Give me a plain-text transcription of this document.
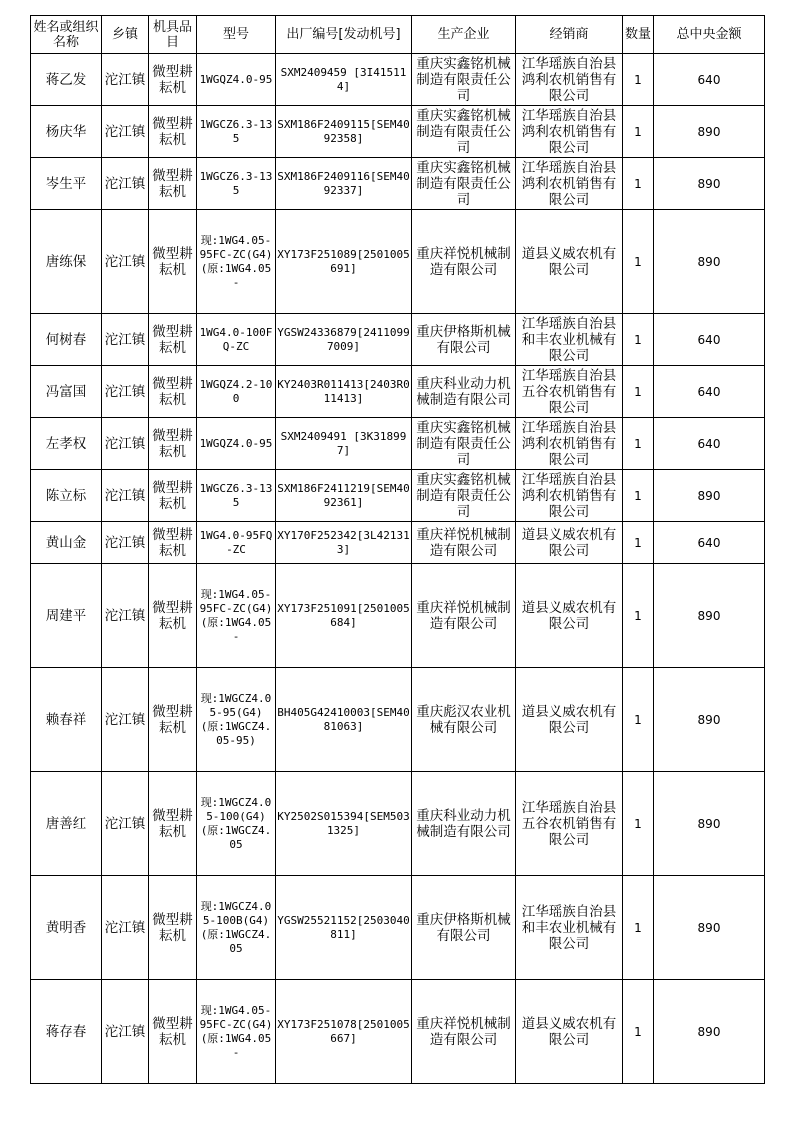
姓名或组织名称	乡镇	机具品目	型号	出厂编号[发动机号]	生产企业	经销商	数量	总中央金额

蒋乙发	沱江镇	微型耕耘机	1WGQZ4.0-95	SXM2409459 [3I415114]	重庆实鑫铭机械制造有限责任公司	江华瑶族自治县鸿利农机销售有限公司	1	640

杨庆华	沱江镇	微型耕耘机	1WGCZ6.3-135	SXM186F2409115[SEM4092358]	重庆实鑫铭机械制造有限责任公司	江华瑶族自治县鸿利农机销售有限公司	1	890

岑生平	沱江镇	微型耕耘机	1WGCZ6.3-135	SXM186F2409116[SEM4092337]	重庆实鑫铭机械制造有限责任公司	江华瑶族自治县鸿利农机销售有限公司	1	890

唐练保	沱江镇	微型耕耘机	现:1WG4.05-95FC-ZC(G4)(原:1WG4.05-	XY173F251089[2501005691]	重庆祥悦机械制造有限公司	道县义威农机有限公司	1	890

何树春	沱江镇	微型耕耘机	1WG4.0-100FQ-ZC	YGSW24336879[24110997009]	重庆伊格斯机械有限公司	江华瑶族自治县和丰农业机械有限公司	1	640

冯富国	沱江镇	微型耕耘机	1WGQZ4.2-100	KY2403R011413[2403R011413]	重庆科业动力机械制造有限公司	江华瑶族自治县五谷农机销售有限公司	1	640

左孝权	沱江镇	微型耕耘机	1WGQZ4.0-95	SXM2409491 [3K318997]	重庆实鑫铭机械制造有限责任公司	江华瑶族自治县鸿利农机销售有限公司	1	640

陈立标	沱江镇	微型耕耘机	1WGCZ6.3-135	SXM186F2411219[SEM4092361]	重庆实鑫铭机械制造有限责任公司	江华瑶族自治县鸿利农机销售有限公司	1	890

黄山金	沱江镇	微型耕耘机	1WG4.0-95FQ-ZC	XY170F252342[3L421313]	重庆祥悦机械制造有限公司	道县义威农机有限公司	1	640

周建平	沱江镇	微型耕耘机	现:1WG4.05-95FC-ZC(G4)(原:1WG4.05-	XY173F251091[2501005684]	重庆祥悦机械制造有限公司	道县义威农机有限公司	1	890

赖春祥	沱江镇	微型耕耘机	现:1WGCZ4.05-95(G4)(原:1WGCZ4.05-95)	BH405G42410003[SEM4081063]	重庆彪汉农业机械有限公司	道县义威农机有限公司	1	890

唐善红	沱江镇	微型耕耘机	现:1WGCZ4.05-100(G4)(原:1WGCZ4.05	KY2502S015394[SEM5031325]	重庆科业动力机械制造有限公司	江华瑶族自治县五谷农机销售有限公司	1	890

黄明香	沱江镇	微型耕耘机	现:1WGCZ4.05-100B(G4)(原:1WGCZ4.05	YGSW25521152[2503040811]	重庆伊格斯机械有限公司	江华瑶族自治县和丰农业机械有限公司	1	890

蒋存春	沱江镇	微型耕耘机	现:1WG4.05-95FC-ZC(G4)(原:1WG4.05-	XY173F251078[2501005667]	重庆祥悦机械制造有限公司	道县义威农机有限公司	1	890
